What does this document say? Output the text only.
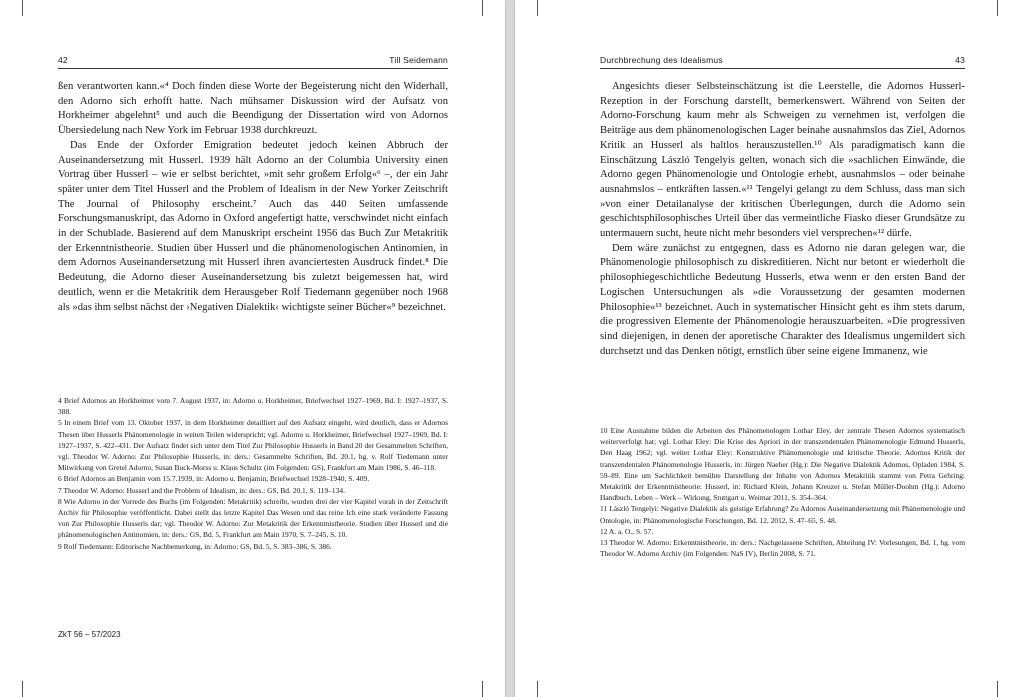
42	Till Seidemann

ßen verantworten kann.«⁴ Doch finden diese Worte der Begeisterung nicht den Widerhall, den Adorno sich erhofft hatte. Nach mühsamer Diskussion wird der Aufsatz von Horkheimer abgelehnt⁵ und auch die Beendigung der Dissertation wird von Adornos Übersiedelung nach New York im Februar 1938 durchkreuzt.

Das Ende der Oxforder Emigration bedeutet jedoch keinen Abbruch der Auseinandersetzung mit Husserl. 1939 hält Adorno an der Columbia University einen Vortrag über Husserl – wie er selbst berichtet, »mit sehr großem Erfolg«⁶ –, der ein Jahr später unter dem Titel Husserl and the Problem of Idealism in der New Yorker Zeitschrift The Journal of Philosophy erscheint.⁷ Auch das 440 Seiten umfassende Forschungsmanuskript, das Adorno in Oxford angefertigt hatte, verschwindet nicht einfach in der Schublade. Basierend auf dem Manuskript erscheint 1956 das Buch Zur Metakritik der Erkenntnistheorie. Studien über Husserl und die phänomenologischen Antinomien, in dem Adornos Auseinandersetzung mit Husserl ihren avanciertesten Ausdruck findet.⁸ Die Bedeutung, die Adorno dieser Auseinandersetzung bis zuletzt beigemessen hat, wird deutlich, wenn er die Metakritik dem Herausgeber Rolf Tiedemann gegenüber noch 1968 als »das ihm selbst nächst der ›Negativen Dialektik‹ wichtigste seiner Bücher«⁹ bezeichnet.

4 Brief Adornos an Horkheimer vom 7. August 1937, in: Adorno u. Horkheimer, Briefwechsel 1927–1969, Bd. I: 1927–1937, S. 388.

5 In einem Brief vom 13. Oktober 1937, in dem Horkheimer detailliert auf den Aufsatz eingeht, wird deutlich, dass er Adornos Thesen über Husserls Phänomenologie in weiten Teilen widerspricht; vgl. Adorno u. Horkheimer, Briefwechsel 1927–1969, Bd. I: 1927–1937, S. 422–431. Der Aufsatz findet sich unter dem Titel Zur Philosophie Husserls in Band 20 der Gesammelten Schriften, vgl. Theodor W. Adorno: Zur Philosophie Husserls, in: ders.: Gesammelte Schriften, Bd. 20.1, hg. v. Rolf Tiedemann unter Mitwirkung von Gretel Adorno, Susan Buck-Morss u. Klaus Schultz (im Folgenden: GS), Frankfurt am Main 1986, S. 46–118.

6 Brief Adornos an Benjamin vom 15.7.1939, in: Adorno u. Benjamin, Briefwechsel 1928–1940, S. 409.

7 Theodor W. Adorno: Husserl and the Problem of Idealism, in: ders.: GS, Bd. 20.1, S. 119–134.

8 Wie Adorno in der Vorrede des Buchs (im Folgenden: Metakritik) schreibt, wurden drei der vier Kapitel vorab in der Zeitschrift Archiv für Philosophie veröffentlicht. Dabei stellt das letzte Kapitel Das Wesen und das reine Ich eine stark veränderte Fassung von Zur Philosophie Husserls dar; vgl. Theodor W. Adorno: Zur Metakritik der Erkenntnistheorie. Studien über Husserl und die phänomenologischen Antinomien, in: ders.: GS, Bd. 5, Frankfurt am Main 1970, S. 7–245, S. 10.

9 Rolf Tiedemann: Editorische Nachbemerkung, in: Adorno: GS, Bd. 5, S. 383–386, S. 386.

ZkT 56 – 57/2023
Durchbrechung des Idealismus	43

Angesichts dieser Selbsteinschätzung ist die Leerstelle, die Adornos Husserl-Rezeption in der Forschung darstellt, bemerkenswert. Während von Seiten der Adorno-Forschung kaum mehr als Schweigen zu vernehmen ist, verfolgen die Beiträge aus dem phänomenologischen Lager beinahe ausnahmslos das Ziel, Adornos Kritik an Husserl als haltlos herauszustellen.¹⁰ Als paradigmatisch kann die Einschätzung László Tengelyis gelten, wonach sich die »sachlichen Einwände, die Adorno gegen Phänomenologie und Ontologie erhebt, ausnahmslos – oder beinahe ausnahmslos – entkräften lassen.«¹¹ Tengelyi gelangt zu dem Schluss, dass man sich »von einer Detailanalyse der kritischen Überlegungen, durch die Adorno sein geschichtsphilosophisches Urteil über das vermeintliche Fiasko dieser Grundsätze zu untermauern sucht, heute nicht mehr besonders viel versprechen«¹² dürfe.

Dem wäre zunächst zu entgegnen, dass es Adorno nie daran gelegen war, die Phänomenologie philosophisch zu diskreditieren. Nicht nur betont er wiederholt die philosophiegeschichtliche Bedeutung Husserls, etwa wenn er den ersten Band der Logischen Untersuchungen als »die Voraussetzung der gesamten modernen Philosophie«¹³ bezeichnet. Auch in systematischer Hinsicht geht es ihm stets darum, die progressiven Elemente der Phänomenologie herauszuarbeiten. »Die progressiven sind diejenigen, in denen der aporetische Charakter des Idealismus ungemildert sich durchsetzt und das Denken nötigt, ernstlich über seine eigene Immanenz, wie

10 Eine Ausnahme bilden die Arbeiten des Phänomenologen Lothar Eley, der zentrale Thesen Adornos systematisch weiterverfolgt hat; vgl. Lothar Eley: Die Krise des Apriori in der transzendentalen Phänomenologie Edmund Husserls, Den Haag 1962; vgl. weiter Lothar Eley: Konstruktive Phänomenologie und kritische Theorie. Adornos Kritik der transzendentalen Phänomenologie Husserls, in: Jürgen Naeher (Hg.): Die Negative Dialektik Adornos, Opladen 1984, S. 59–89. Eine um Sachlichkeit bemühte Darstellung der Inhalte von Adornos Metakritik stammt von Petra Gehring: Metakritik der Erkenntnistheorie: Husserl, in: Richard Klein, Johann Kreuzer u. Stefan Müller-Doohm (Hg.): Adorno Handbuch. Leben – Werk – Wirkung, Stuttgart u. Weimar 2011, S. 354–364.

11 László Tengelyi: Negative Dialektik als geistige Erfahrung? Zu Adornos Auseinandersetzung mit Phänomenologie und Ontologie, in: Phänomenologische Forschungen, Bd. 12, 2012, S. 47–65, S. 48.

12 A. a. O., S. 57.

13 Theodor W. Adorno: Erkenntnistheorie, in: ders.: Nachgelassene Schriften, Abteilung IV: Vorlesungen, Bd. 1, hg. vom Theodor W. Adorno Archiv (im Folgenden: NaS IV), Berlin 2008, S. 71.
